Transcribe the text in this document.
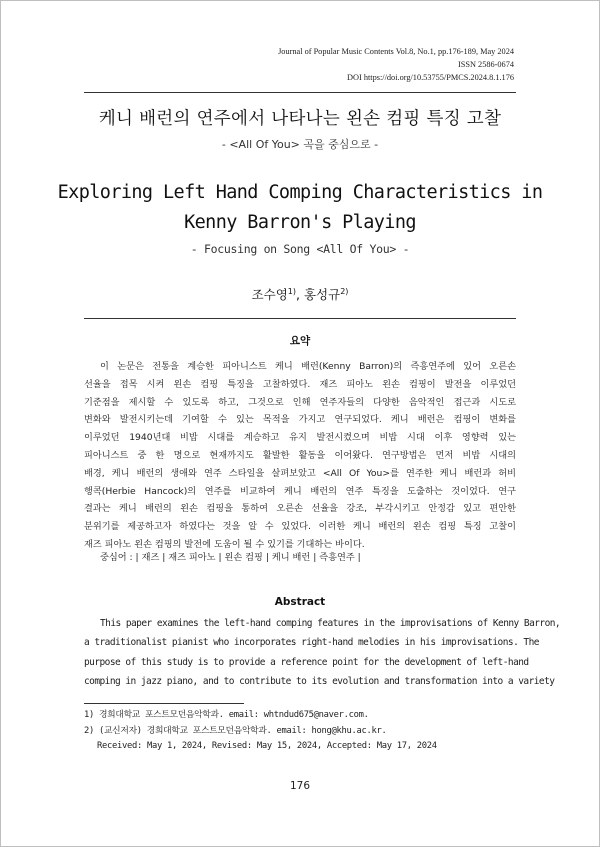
Journal of Popular Music Contents Vol.8, No.1, pp.176-189, May 2024
ISSN 2586-0674
DOI https://doi.org/10.53755/PMCS.2024.8.1.176
케니 배런의 연주에서 나타나는 왼손 컴핑 특징 고찰
- <All Of You> 곡을 중심으로 -
Exploring Left Hand Comping Characteristics in
Kenny Barron's Playing
- Focusing on Song <All Of You> -
조수영$^{1)}$, 홍성규$^{2)}$
요약
이 논문은 전통을 계승한 피아니스트 케니 배런(Kenny Barron)의 즉흥연주에 있어 오른손
선율을 접목 시켜 왼손 컴핑 특징을 고찰하였다. 재즈 피아노 왼손 컴핑이 발전을 이루었던
기준점을 제시할 수 있도록 하고, 그것으로 인해 연주자들의 다양한 음악적인 접근과 시도로
변화와 발전시키는데 기여할 수 있는 목적을 가지고 연구되었다. 케니 배런은 컴핑이 변화를
이루었던 1940년대 비밥 시대를 계승하고 유지 발전시켰으며 비밥 시대 이후 영향력 있는
피아니스트 중 한 명으로 현재까지도 활발한 활동을 이어왔다. 연구방법은 먼저 비밥 시대의
배경, 케니 배런의 생애와 연주 스타일을 살펴보았고 <All Of You>를 연주한 케니 배런과 허비
행콕(Herbie Hancock)의 연주를 비교하여 케니 배런의 연주 특징을 도출하는 것이었다. 연구
결과는 케니 배런의 왼손 컴핑을 통하여 오른손 선율을 강조, 부각시키고 안정감 있고 편안한
분위기를 제공하고자 하였다는 것을 알 수 있었다. 이러한 케니 배런의 왼손 컴핑 특징 고찰이
재즈 피아노 왼손 컴핑의 발전에 도움이 될 수 있기를 기대하는 바이다.
중심어 : | 재즈 | 재즈 피아노 | 왼손 컴핑 | 케니 배런 | 즉흥연주 |
Abstract
This paper examines the left-hand comping features in the improvisations of Kenny Barron,
a traditionalist pianist who incorporates right-hand melodies in his improvisations. The
purpose of this study is to provide a reference point for the development of left-hand
comping in jazz piano, and to contribute to its evolution and transformation into a variety
1) 경희대학교 포스트모던음악학과. email: whtndud675@naver.com.
2) (교신저자) 경희대학교 포스트모던음악학과. email: hong@khu.ac.kr.
Received: May 1, 2024, Revised: May 15, 2024, Accepted: May 17, 2024
176
